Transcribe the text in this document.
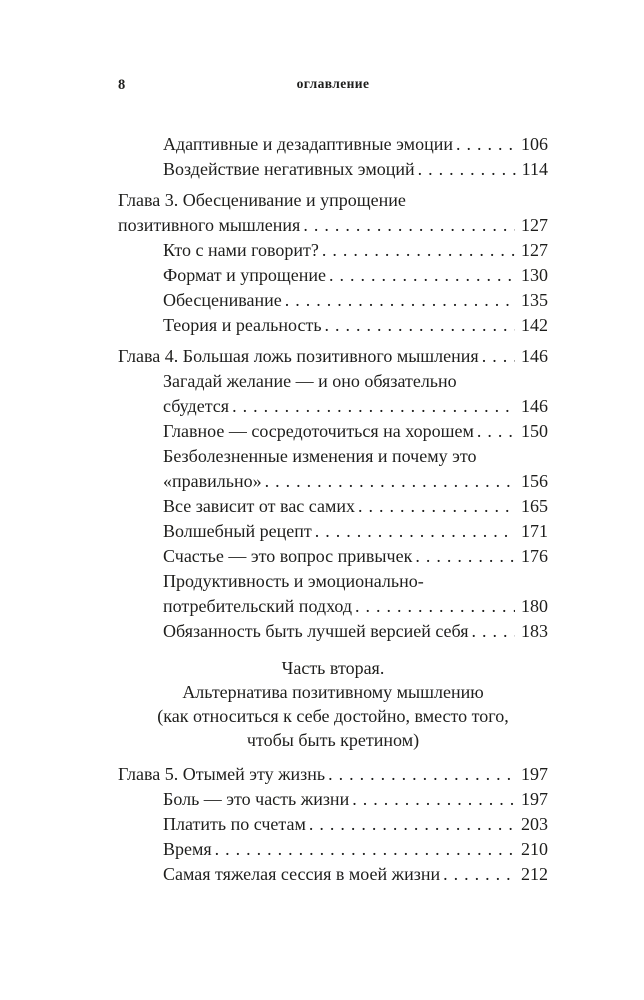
8	оглавление
Адаптивные и дезадаптивные эмоции .....	106
Воздействие негативных эмоций .....	114
Глава 3. Обесценивание и упрощение
позитивного мышления .....	127
Кто с нами говорит? .....	127
Формат и упрощение .....	130
Обесценивание .....	135
Теория и реальность .....	142
Глава 4. Большая ложь позитивного мышления .....	146
Загадай желание — и оно обязательно
сбудется .....	146
Главное — сосредоточиться на хорошем .....	150
Безболезненные изменения и почему это
«правильно» .....	156
Все зависит от вас самих .....	165
Волшебный рецепт .....	171
Счастье — это вопрос привычек .....	176
Продуктивность и эмоционально-
потребительский подход .....	180
Обязанность быть лучшей версией себя .....	183
Часть вторая.
Альтернатива позитивному мышлению
(как относиться к себе достойно, вместо того,
чтобы быть кретином)
Глава 5. Отымей эту жизнь .....	197
Боль — это часть жизни .....	197
Платить по счетам .....	203
Время .....	210
Самая тяжелая сессия в моей жизни .....	212
